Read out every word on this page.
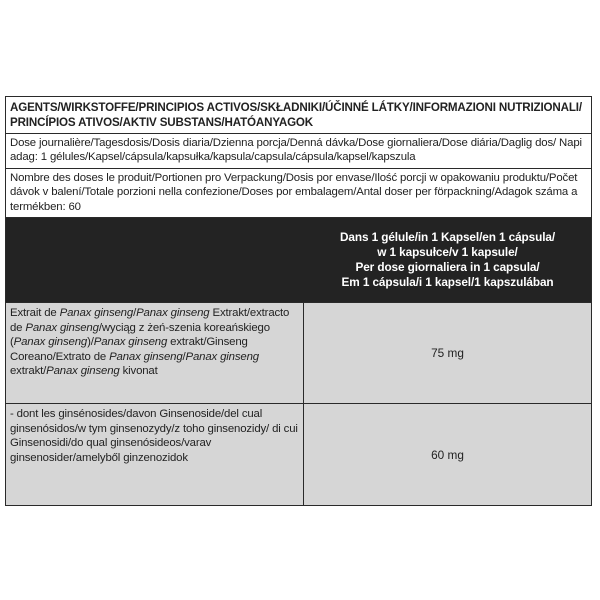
AGENTS/WIRKSTOFFE/PRINCIPIOS ACTIVOS/SKŁADNIKI/ÚČINNÉ LÁTKY/INFORMAZIONI NUTRIZIONALI/ PRINCÍPIOS ATIVOS/AKTIV SUBSTANS/HATÓANYAGOK
Dose journalière/Tagesdosis/Dosis diaria/Dzienna porcja/Denná dávka/Dose giornaliera/Dose diária/Daglig dos/ Napi adag: 1 gélules/Kapsel/cápsula/kapsułka/kapsula/capsula/cápsula/kapsel/kapszula
Nombre des doses le produit/Portionen pro Verpackung/Dosis por envase/Ilość porcji w opakowaniu produktu/Počet dávok v balení/Totale porzioni nella confezione/Doses por embalagem/Antal doser per förpackning/Adagok száma a termékben: 60
Dans 1 gélule/in 1 Kapsel/en 1 cápsula/
w 1 kapsułce/v 1 kapsule/
Per dose giornaliera in 1 capsula/
Em 1 cápsula/i 1 kapsel/1 kapszulában
Extrait de Panax ginseng/Panax ginseng Extrakt/extracto de Panax ginseng/wyciąg z żeń-szenia koreańskiego (Panax ginseng)/Panax ginseng extrakt/Ginseng Coreano/Extrato de Panax ginseng/Panax ginseng extrakt/Panax ginseng kivonat
75 mg
- dont les ginsénosides/davon Ginsenoside/del cual ginsenósidos/w tym ginsenozydy/z toho ginsenozidy/ di cui Ginsenosidi/do qual ginsenósideos/varav ginsenosider/amelyből ginzenozidok	60 mg
